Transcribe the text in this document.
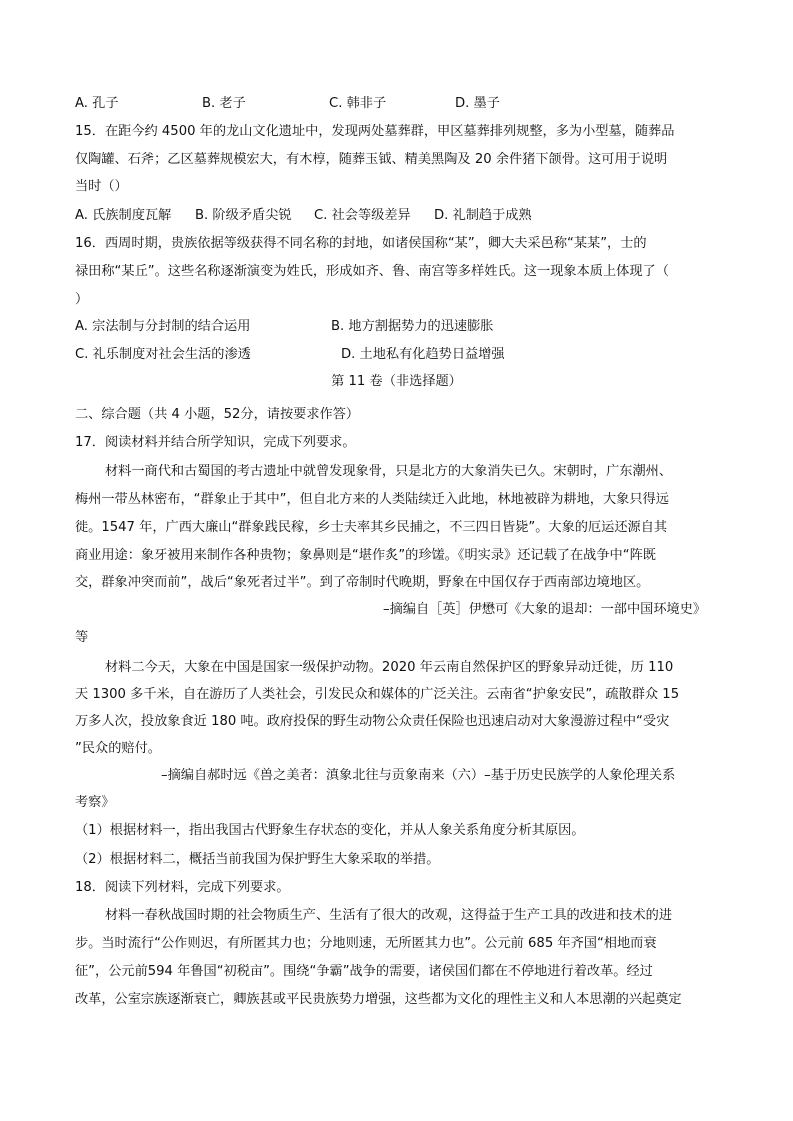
A. 孔子	B. 老子	C. 韩非子	D. 墨子
15．在距今约 4500 年的龙山文化遗址中，发现两处墓葬群，甲区墓葬排列规整，多为小型墓，随葬品
仅陶罐、石斧；乙区墓葬规模宏大，有木椁，随葬玉钺、精美黑陶及 20 余件猪下颌骨。这可用于说明
当时（）
A. 氏族制度瓦解 B. 阶级矛盾尖锐 C. 社会等级差异 D. 礼制趋于成熟
16．西周时期，贵族依据等级获得不同名称的封地，如诸侯国称“某”，卿大夫采邑称“某某”，士的
禄田称“某丘”。这些名称逐渐演变为姓氏，形成如齐、鲁、南宫等多样姓氏。这一现象本质上体现了（
）
A. 宗法制与分封制的结合运用	B. 地方割据势力的迅速膨胀
C. 礼乐制度对社会生活的渗透	D. 土地私有化趋势日益增强
第 11 卷（非选择题）
二、综合题（共 4 小题，52分，请按要求作答）
17．阅读材料并结合所学知识，完成下列要求。
材料一商代和古蜀国的考古遗址中就曾发现象骨，只是北方的大象消失已久。宋朝时，广东潮州、
梅州一带丛林密布，“群象止于其中”，但自北方来的人类陆续迁入此地，林地被辟为耕地，大象只得远
徙。1547 年，广西大廉山“群象践民稼，乡士夫率其乡民捕之，不三四日皆毙”。大象的厄运还源自其
商业用途：象牙被用来制作各种贵物；象鼻则是“堪作炙”的珍馐。《明实录》还记载了在战争中“阵既
交，群象冲突而前”，战后“象死者过半”。到了帝制时代晚期，野象在中国仅存于西南部边境地区。
–摘编自［英］伊懋可《大象的退却：一部中国环境史》
等
材料二今天，大象在中国是国家一级保护动物。2020 年云南自然保护区的野象异动迁徙，历 110
天 1300 多千米，自在游历了人类社会，引发民众和媒体的广泛关注。云南省“护象安民”，疏散群众 15
万多人次，投放象食近 180 吨。政府投保的野生动物公众责任保险也迅速启动对大象漫游过程中“受灾
”民众的赔付。
–摘编自郝时远《兽之美者：滇象北往与贡象南来（六）–基于历史民族学的人象伦理关系
考察》
（1）根据材料一，指出我国古代野象生存状态的变化，并从人象关系角度分析其原因。
（2）根据材料二，概括当前我国为保护野生大象采取的举措。
18．阅读下列材料，完成下列要求。
材料一春秋战国时期的社会物质生产、生活有了很大的改观，这得益于生产工具的改进和技术的进
步。当时流行“公作则迟，有所匿其力也；分地则速，无所匿其力也”。公元前 685 年齐国“相地而衰
征”，公元前594 年鲁国“初税亩”。围绕“争霸”战争的需要，诸侯国们都在不停地进行着改革。经过
改革，公室宗族逐渐衰亡，卿族甚或平民贵族势力增强，这些都为文化的理性主义和人本思潮的兴起奠定
